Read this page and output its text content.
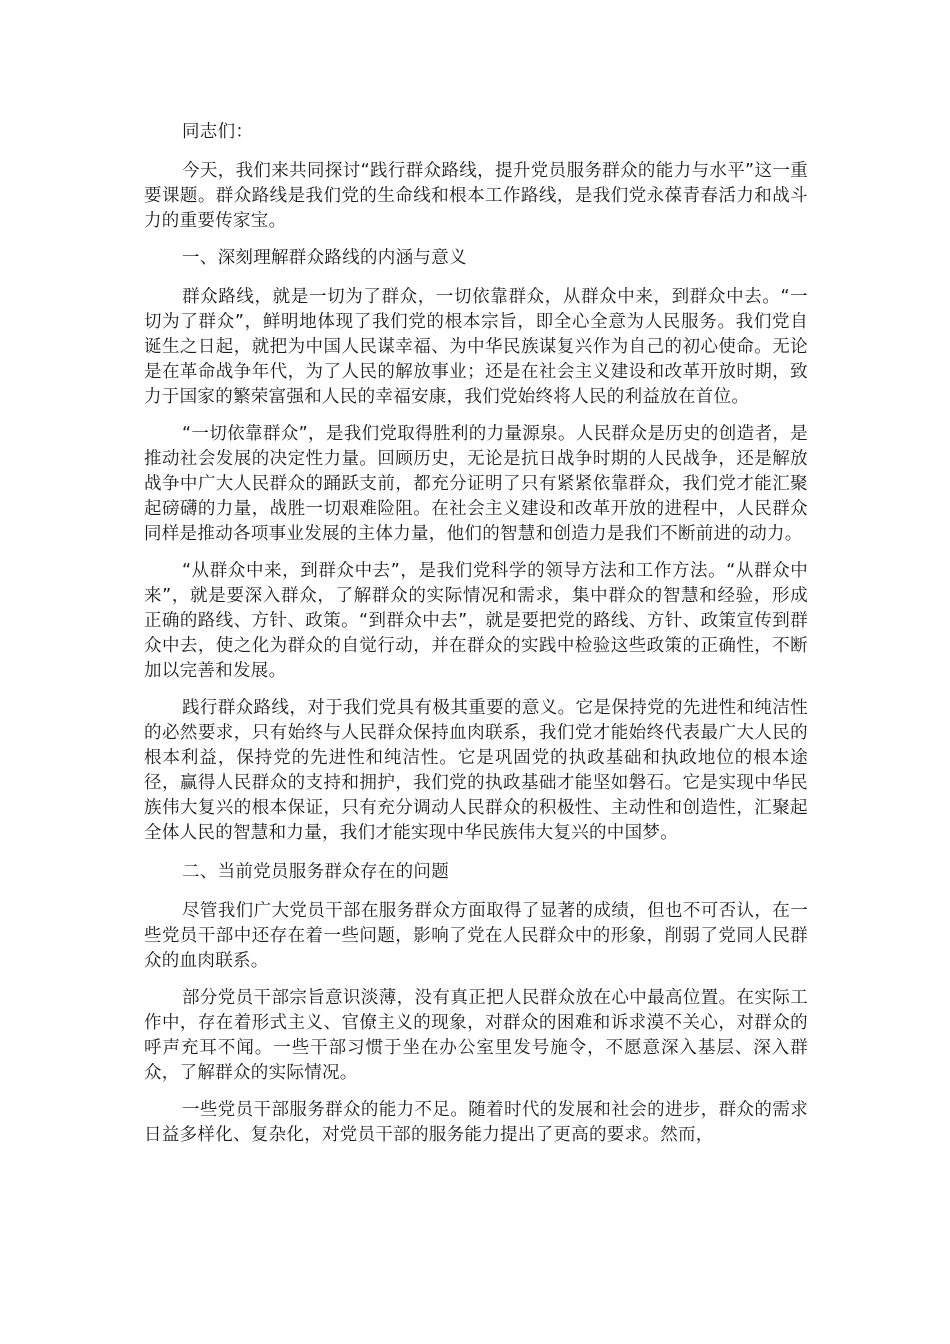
同志们：

今天，我们来共同探讨“践行群众路线，提升党员服务群众的能力与水平”这一重要课题。群众路线是我们党的生命线和根本工作路线，是我们党永葆青春活力和战斗力的重要传家宝。

一、深刻理解群众路线的内涵与意义

群众路线，就是一切为了群众，一切依靠群众，从群众中来，到群众中去。“一切为了群众”，鲜明地体现了我们党的根本宗旨，即全心全意为人民服务。我们党自诞生之日起，就把为中国人民谋幸福、为中华民族谋复兴作为自己的初心使命。无论是在革命战争年代，为了人民的解放事业；还是在社会主义建设和改革开放时期，致力于国家的繁荣富强和人民的幸福安康，我们党始终将人民的利益放在首位。

“一切依靠群众”，是我们党取得胜利的力量源泉。人民群众是历史的创造者，是推动社会发展的决定性力量。回顾历史，无论是抗日战争时期的人民战争，还是解放战争中广大人民群众的踊跃支前，都充分证明了只有紧紧依靠群众，我们党才能汇聚起磅礴的力量，战胜一切艰难险阻。在社会主义建设和改革开放的进程中，人民群众同样是推动各项事业发展的主体力量，他们的智慧和创造力是我们不断前进的动力。

“从群众中来，到群众中去”，是我们党科学的领导方法和工作方法。“从群众中来”，就是要深入群众，了解群众的实际情况和需求，集中群众的智慧和经验，形成正确的路线、方针、政策。“到群众中去”，就是要把党的路线、方针、政策宣传到群众中去，使之化为群众的自觉行动，并在群众的实践中检验这些政策的正确性，不断加以完善和发展。

践行群众路线，对于我们党具有极其重要的意义。它是保持党的先进性和纯洁性的必然要求，只有始终与人民群众保持血肉联系，我们党才能始终代表最广大人民的根本利益，保持党的先进性和纯洁性。它是巩固党的执政基础和执政地位的根本途径，赢得人民群众的支持和拥护，我们党的执政基础才能坚如磐石。它是实现中华民族伟大复兴的根本保证，只有充分调动人民群众的积极性、主动性和创造性，汇聚起全体人民的智慧和力量，我们才能实现中华民族伟大复兴的中国梦。

二、当前党员服务群众存在的问题

尽管我们广大党员干部在服务群众方面取得了显著的成绩，但也不可否认，在一些党员干部中还存在着一些问题，影响了党在人民群众中的形象，削弱了党同人民群众的血肉联系。

部分党员干部宗旨意识淡薄，没有真正把人民群众放在心中最高位置。在实际工作中，存在着形式主义、官僚主义的现象，对群众的困难和诉求漠不关心，对群众的呼声充耳不闻。一些干部习惯于坐在办公室里发号施令，不愿意深入基层、深入群众，了解群众的实际情况。

一些党员干部服务群众的能力不足。随着时代的发展和社会的进步，群众的需求日益多样化、复杂化，对党员干部的服务能力提出了更高的要求。然而，
